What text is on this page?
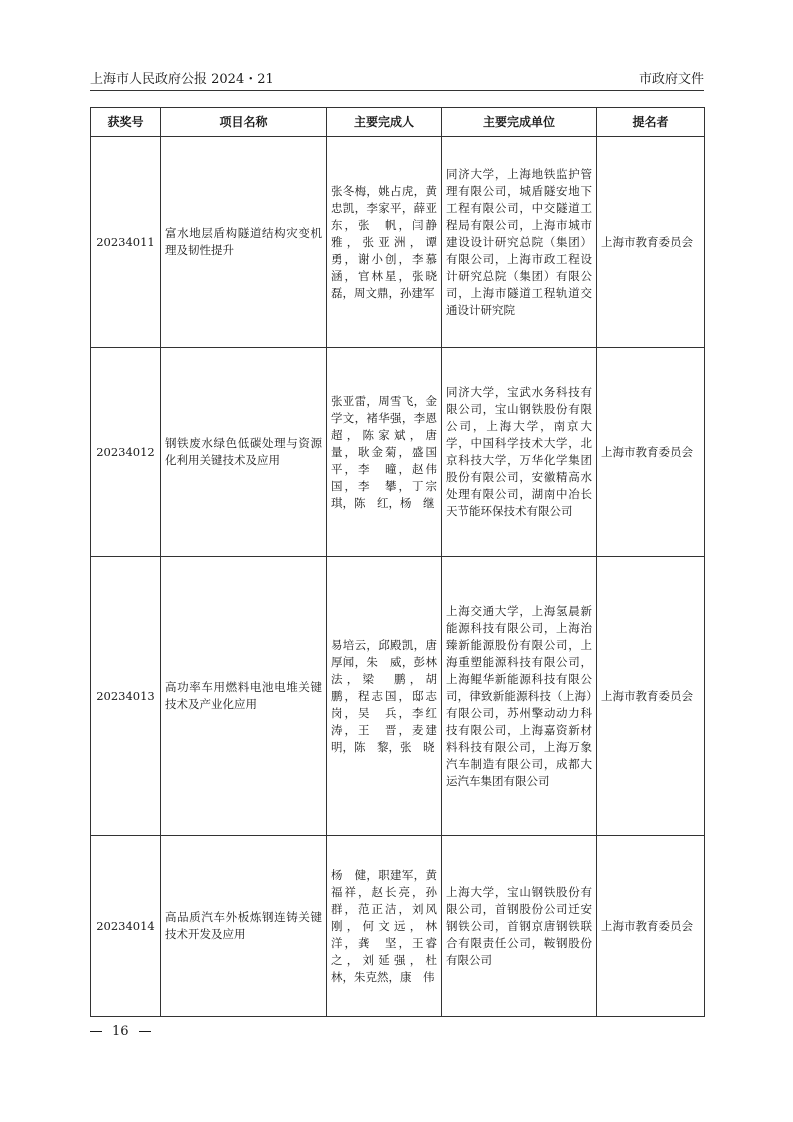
上海市人民政府公报 2024・21	市政府文件
获奖号	项目名称	主要完成人	主要完成单位	提名者
20234011	富水地层盾构隧道结构灾变机理及韧性提升	张冬梅，姚占虎，黄忠凯，李家平，薛亚东，张　帆，闫静雅，张亚洲，谭　勇，谢小创，李慕涵，官林星，张晓磊，周文鼎，孙建军	同济大学，上海地铁监护管理有限公司，城盾隧安地下工程有限公司，中交隧道工程局有限公司，上海市城市建设设计研究总院（集团）有限公司，上海市政工程设计研究总院（集团）有限公司，上海市隧道工程轨道交通设计研究院	上海市教育委员会
20234012	钢铁废水绿色低碳处理与资源化利用关键技术及应用	张亚雷，周雪飞，金学文，褚华强，李恩超，陈家斌，唐　量，耿金菊，盛国平，李　曈，赵伟国，李　攀，丁宗琪，陈　红，杨　继	同济大学，宝武水务科技有限公司，宝山钢铁股份有限公司，上海大学，南京大学，中国科学技术大学，北京科技大学，万华化学集团股份有限公司，安徽精高水处理有限公司，湖南中冶长天节能环保技术有限公司	上海市教育委员会
20234013	高功率车用燃料电池电堆关键技术及产业化应用	易培云，邱殿凯，唐厚闻，朱　威，彭林法，梁　鹏，胡　鹏，程志国，邸志岗，吴　兵，李红涛，王　晋，麦建明，陈　黎，张　晓	上海交通大学，上海氢晨新能源科技有限公司，上海治臻新能源股份有限公司，上海重塑能源科技有限公司，上海鲲华新能源科技有限公司，律致新能源科技（上海）有限公司，苏州擎动动力科技有限公司，上海嘉资新材料科技有限公司，上海万象汽车制造有限公司，成都大运汽车集团有限公司	上海市教育委员会
20234014	高品质汽车外板炼钢连铸关键技术开发及应用	杨　健，职建军，黄福祥，赵长亮，孙　群，范正洁，刘风刚，何文远，林　洋，龚　坚，王睿之，刘延强，杜　林，朱克然，康　伟	上海大学，宝山钢铁股份有限公司，首钢股份公司迁安钢铁公司，首钢京唐钢铁联合有限责任公司，鞍钢股份有限公司	上海市教育委员会
16
